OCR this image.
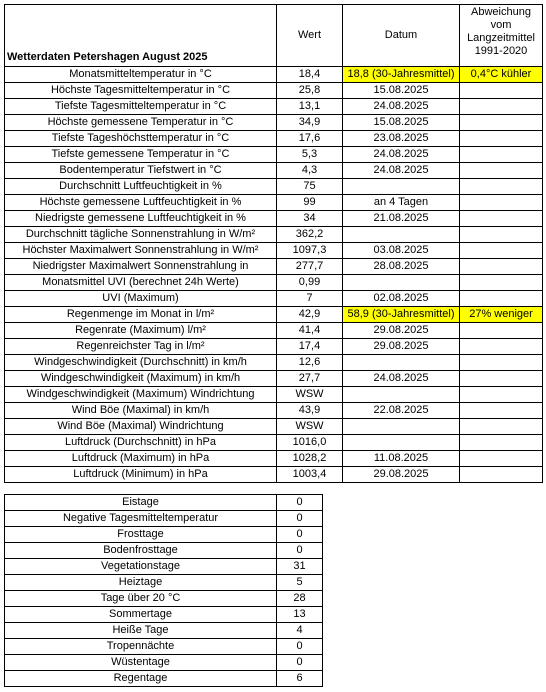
Wetterdaten Petershagen August 2025	Wert	Datum	Abweichung
vom
Langzeitmittel
1991-2020

Monatsmitteltemperatur in °C	18,4	18,8 (30-Jahresmittel)	0,4°C kühler
Höchste Tagesmitteltemperatur in °C	25,8	15.08.2025	
Tiefste Tagesmitteltemperatur in °C	13,1	24.08.2025	
Höchste gemessene Temperatur in °C	34,9	15.08.2025	
Tiefste Tageshöchsttemperatur in °C	17,6	23.08.2025	
Tiefste gemessene Temperatur in °C	5,3	24.08.2025	
Bodentemperatur Tiefstwert in °C	4,3	24.08.2025	
Durchschnitt Luftfeuchtigkeit in %	75		
Höchste gemessene Luftfeuchtigkeit in %	99	an 4 Tagen	
Niedrigste gemessene Luftfeuchtigkeit in %	34	21.08.2025	
Durchschnitt tägliche Sonnenstrahlung in W/m²	362,2		
Höchster Maximalwert Sonnenstrahlung in W/m²	1097,3	03.08.2025	
Niedrigster Maximalwert Sonnenstrahlung in	277,7	28.08.2025	
Monatsmittel UVI (berechnet 24h Werte)	0,99		
UVI (Maximum)	7	02.08.2025	
Regenmenge im Monat in l/m²	42,9	58,9 (30-Jahresmittel)	27% weniger
Regenrate (Maximum) l/m²	41,4	29.08.2025	
Regenreichster Tag in l/m²	17,4	29.08.2025	
Windgeschwindigkeit (Durchschnitt) in km/h	12,6		
Windgeschwindigkeit (Maximum) in km/h	27,7	24.08.2025	
Windgeschwindigkeit (Maximum) Windrichtung	WSW		
Wind Böe (Maximal) in km/h	43,9	22.08.2025	
Wind Böe (Maximal) Windrichtung	WSW		
Luftdruck (Durchschnitt) in hPa	1016,0		
Luftdruck (Maximum) in hPa	1028,2	11.08.2025	
Luftdruck (Minimum) in hPa	1003,4	29.08.2025	
Eistage	0
Negative Tagesmitteltemperatur	0
Frosttage	0
Bodenfrosttage	0
Vegetationstage	31
Heiztage	5
Tage über 20 °C	28
Sommertage	13
Heiße Tage	4
Tropennächte	0
Wüstentage	0
Regentage	6
